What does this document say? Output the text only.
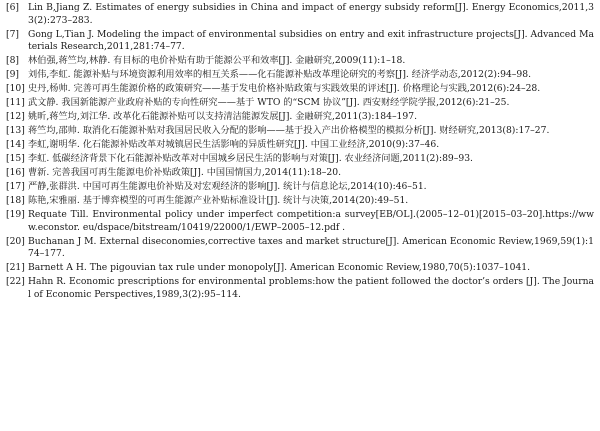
[6] Lin B,Jiang Z. Estimates of energy subsidies in China and impact of energy subsidy reform[J]. Energy Economics,2011,33(2):273–283.
[7] Gong L,Tian J. Modeling the impact of environmental subsidies on entry and exit infrastructure projects[J]. Advanced Materials Research,2011,281:74–77.
[8] 林伯强,蒋竺均,林静. 有目标的电价补贴有助于能源公平和效率[J]. 金融研究,2009(11):1–18.
[9] 刘伟,李虹. 能源补贴与环境资源利用效率的相互关系——化石能源补贴改革理论研究的考察[J]. 经济学动态,2012(2):94–98.
[10] 史丹,杨帅. 完善可再生能源价格的政策研究——基于发电价格补贴政策与实践效果的评述[J]. 价格理论与实践,2012(6):24–28.
[11] 武文静. 我国新能源产业政府补贴的专向性研究——基于 WTO 的“SCM 协议”[J]. 西安财经学院学报,2012(6):21–25.
[12] 姚昕,蒋竺均,刘江华. 改革化石能源补贴可以支持清洁能源发展[J]. 金融研究,2011(3):184–197.
[13] 蒋竺均,邵帅. 取消化石能源补贴对我国居民收入分配的影响——基于投入产出价格模型的模拟分析[J]. 财经研究,2013(8):17–27.
[14] 李虹,谢明华. 化石能源补贴改革对城镇居民生活影响的异质性研究[J]. 中国工业经济,2010(9):37–46.
[15] 李虹. 低碳经济背景下化石能源补贴改革对中国城乡居民生活的影响与对策[J]. 农业经济问题,2011(2):89–93.
[16] 曹新. 完善我国可再生能源电价补贴政策[J]. 中国国情国力,2014(11):18–20.
[17] 严静,张群洪. 中国可再生能源电价补贴及对宏观经济的影响[J]. 统计与信息论坛,2014(10):46–51.
[18] 陈艳,宋雅丽. 基于博弈模型的可再生能源产业补贴标准设计[J]. 统计与决策,2014(20):49–51.
[19] Requate Till. Environmental policy under imperfect competition:a survey[EB/OL].(2005–12–01)[2015–03–20].https://www.econstor. eu/dspace/bitstream/10419/22000/1/EWP–2005–12.pdf .
[20] Buchanan J M. External diseconomies,corrective taxes and market structure[J]. American Economic Review,1969,59(1):174–177.
[21] Barnett A H. The pigouvian tax rule under monopoly[J]. American Economic Review,1980,70(5):1037–1041.
[22] Hahn R. Economic prescriptions for environmental problems:how the patient followed the doctor’s orders [J]. The Journal of Economic Perspectives,1989,3(2):95–114.
